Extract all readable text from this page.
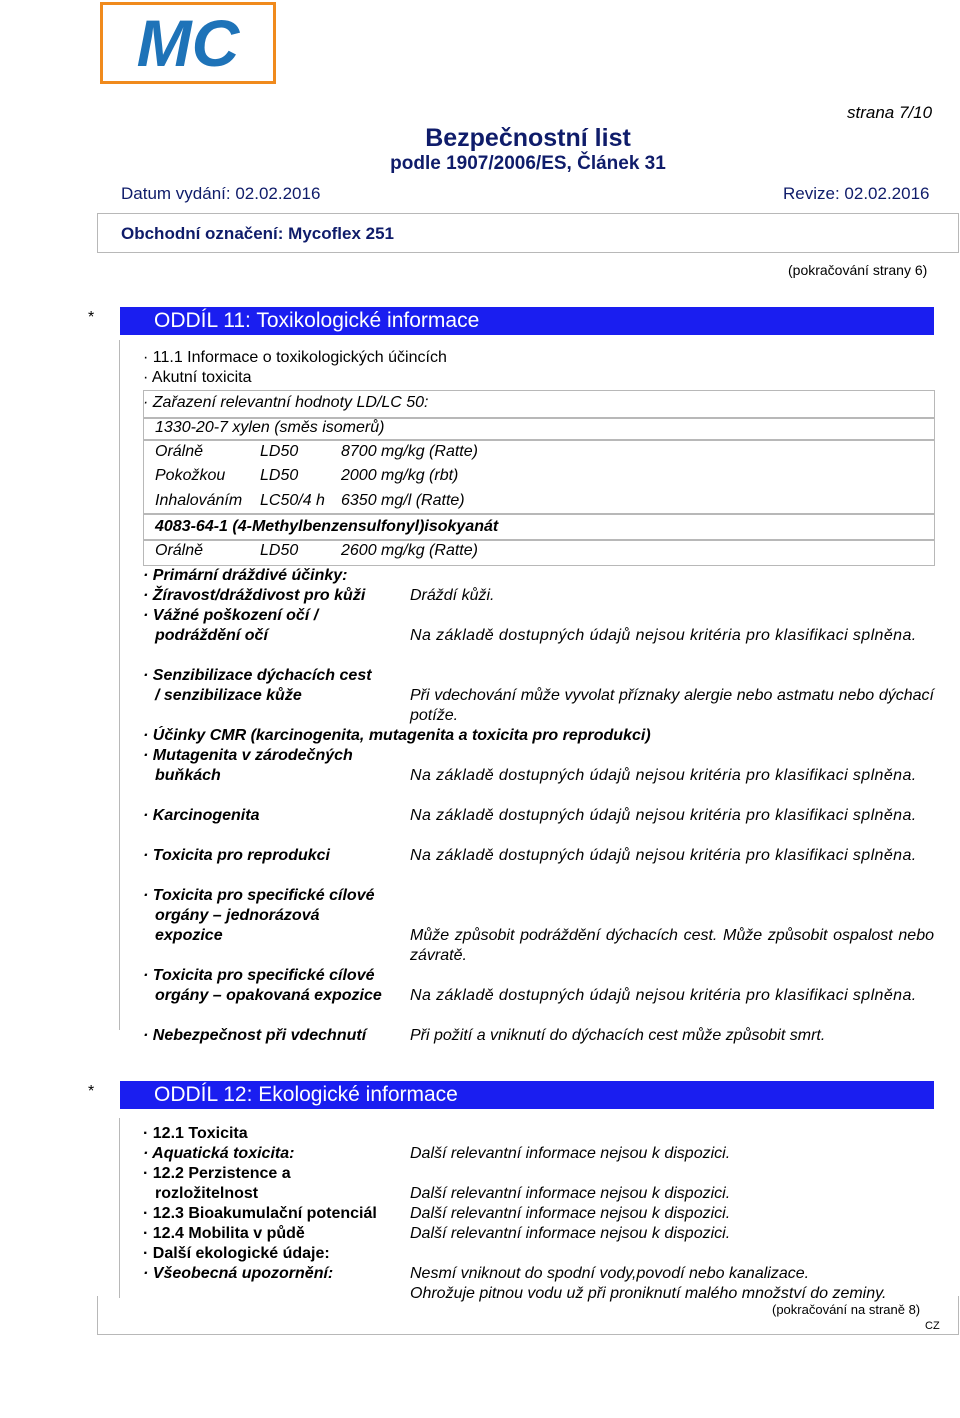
MC
strana 7/10
Bezpečnostní list
podle 1907/2006/ES, Článek 31
Datum vydání: 02.02.2016	Revize: 02.02.2016
Obchodní označení: Mycoflex 251
(pokračování strany 6)
*	ODDÍL 11: Toxikologické informace
· 11.1 Informace o toxikologických účincích
· Akutní toxicita
· Zařazení relevantní hodnoty LD/LC 50:
1330-20-7 xylen (směs isomerů)
Orálně	LD50	8700 mg/kg (Ratte)
Pokožkou LD50	2000 mg/kg (rbt)
Inhalováním LC50/4 h 6350 mg/l (Ratte)
4083-64-1 (4-Methylbenzensulfonyl)isokyanát
Orálně	LD50	2600 mg/kg (Ratte)
· Primární dráždivé účinky:
· Žíravost/dráždivost pro kůži	Dráždí kůži.
· Vážné poškození očí /
podráždění očí	Na základě dostupných údajů nejsou kritéria pro klasifikaci splněna.
· Senzibilizace dýchacích cest
/ senzibilizace kůže	Při vdechování může vyvolat příznaky alergie nebo astmatu nebo dýchací potíže.
· Účinky CMR (karcinogenita, mutagenita a toxicita pro reprodukci)
· Mutagenita v zárodečných
buňkách	Na základě dostupných údajů nejsou kritéria pro klasifikaci splněna.
· Karcinogenita	Na základě dostupných údajů nejsou kritéria pro klasifikaci splněna.
· Toxicita pro reprodukci	Na základě dostupných údajů nejsou kritéria pro klasifikaci splněna.
· Toxicita pro specifické cílové
orgány – jednorázová
expozice	Může způsobit podráždění dýchacích cest. Může způsobit ospalost nebo závratě.
· Toxicita pro specifické cílové
orgány – opakovaná expozice Na základě dostupných údajů nejsou kritéria pro klasifikaci splněna.
· Nebezpečnost při vdechnutí	Při požití a vniknutí do dýchacích cest může způsobit smrt.
*	ODDÍL 12: Ekologické informace
· 12.1 Toxicita
· Aquatická toxicita:	Další relevantní informace nejsou k dispozici.
· 12.2 Perzistence a
rozložitelnost	Další relevantní informace nejsou k dispozici.
· 12.3 Bioakumulační potenciál Další relevantní informace nejsou k dispozici.
· 12.4 Mobilita v půdě	Další relevantní informace nejsou k dispozici.
· Další ekologické údaje:
· Všeobecná upozornění:	Nesmí vniknout do spodní vody,povodí nebo kanalizace.
Ohrožuje pitnou vodu už při proniknutí malého množství do zeminy.
(pokračování na straně 8)
CZ
